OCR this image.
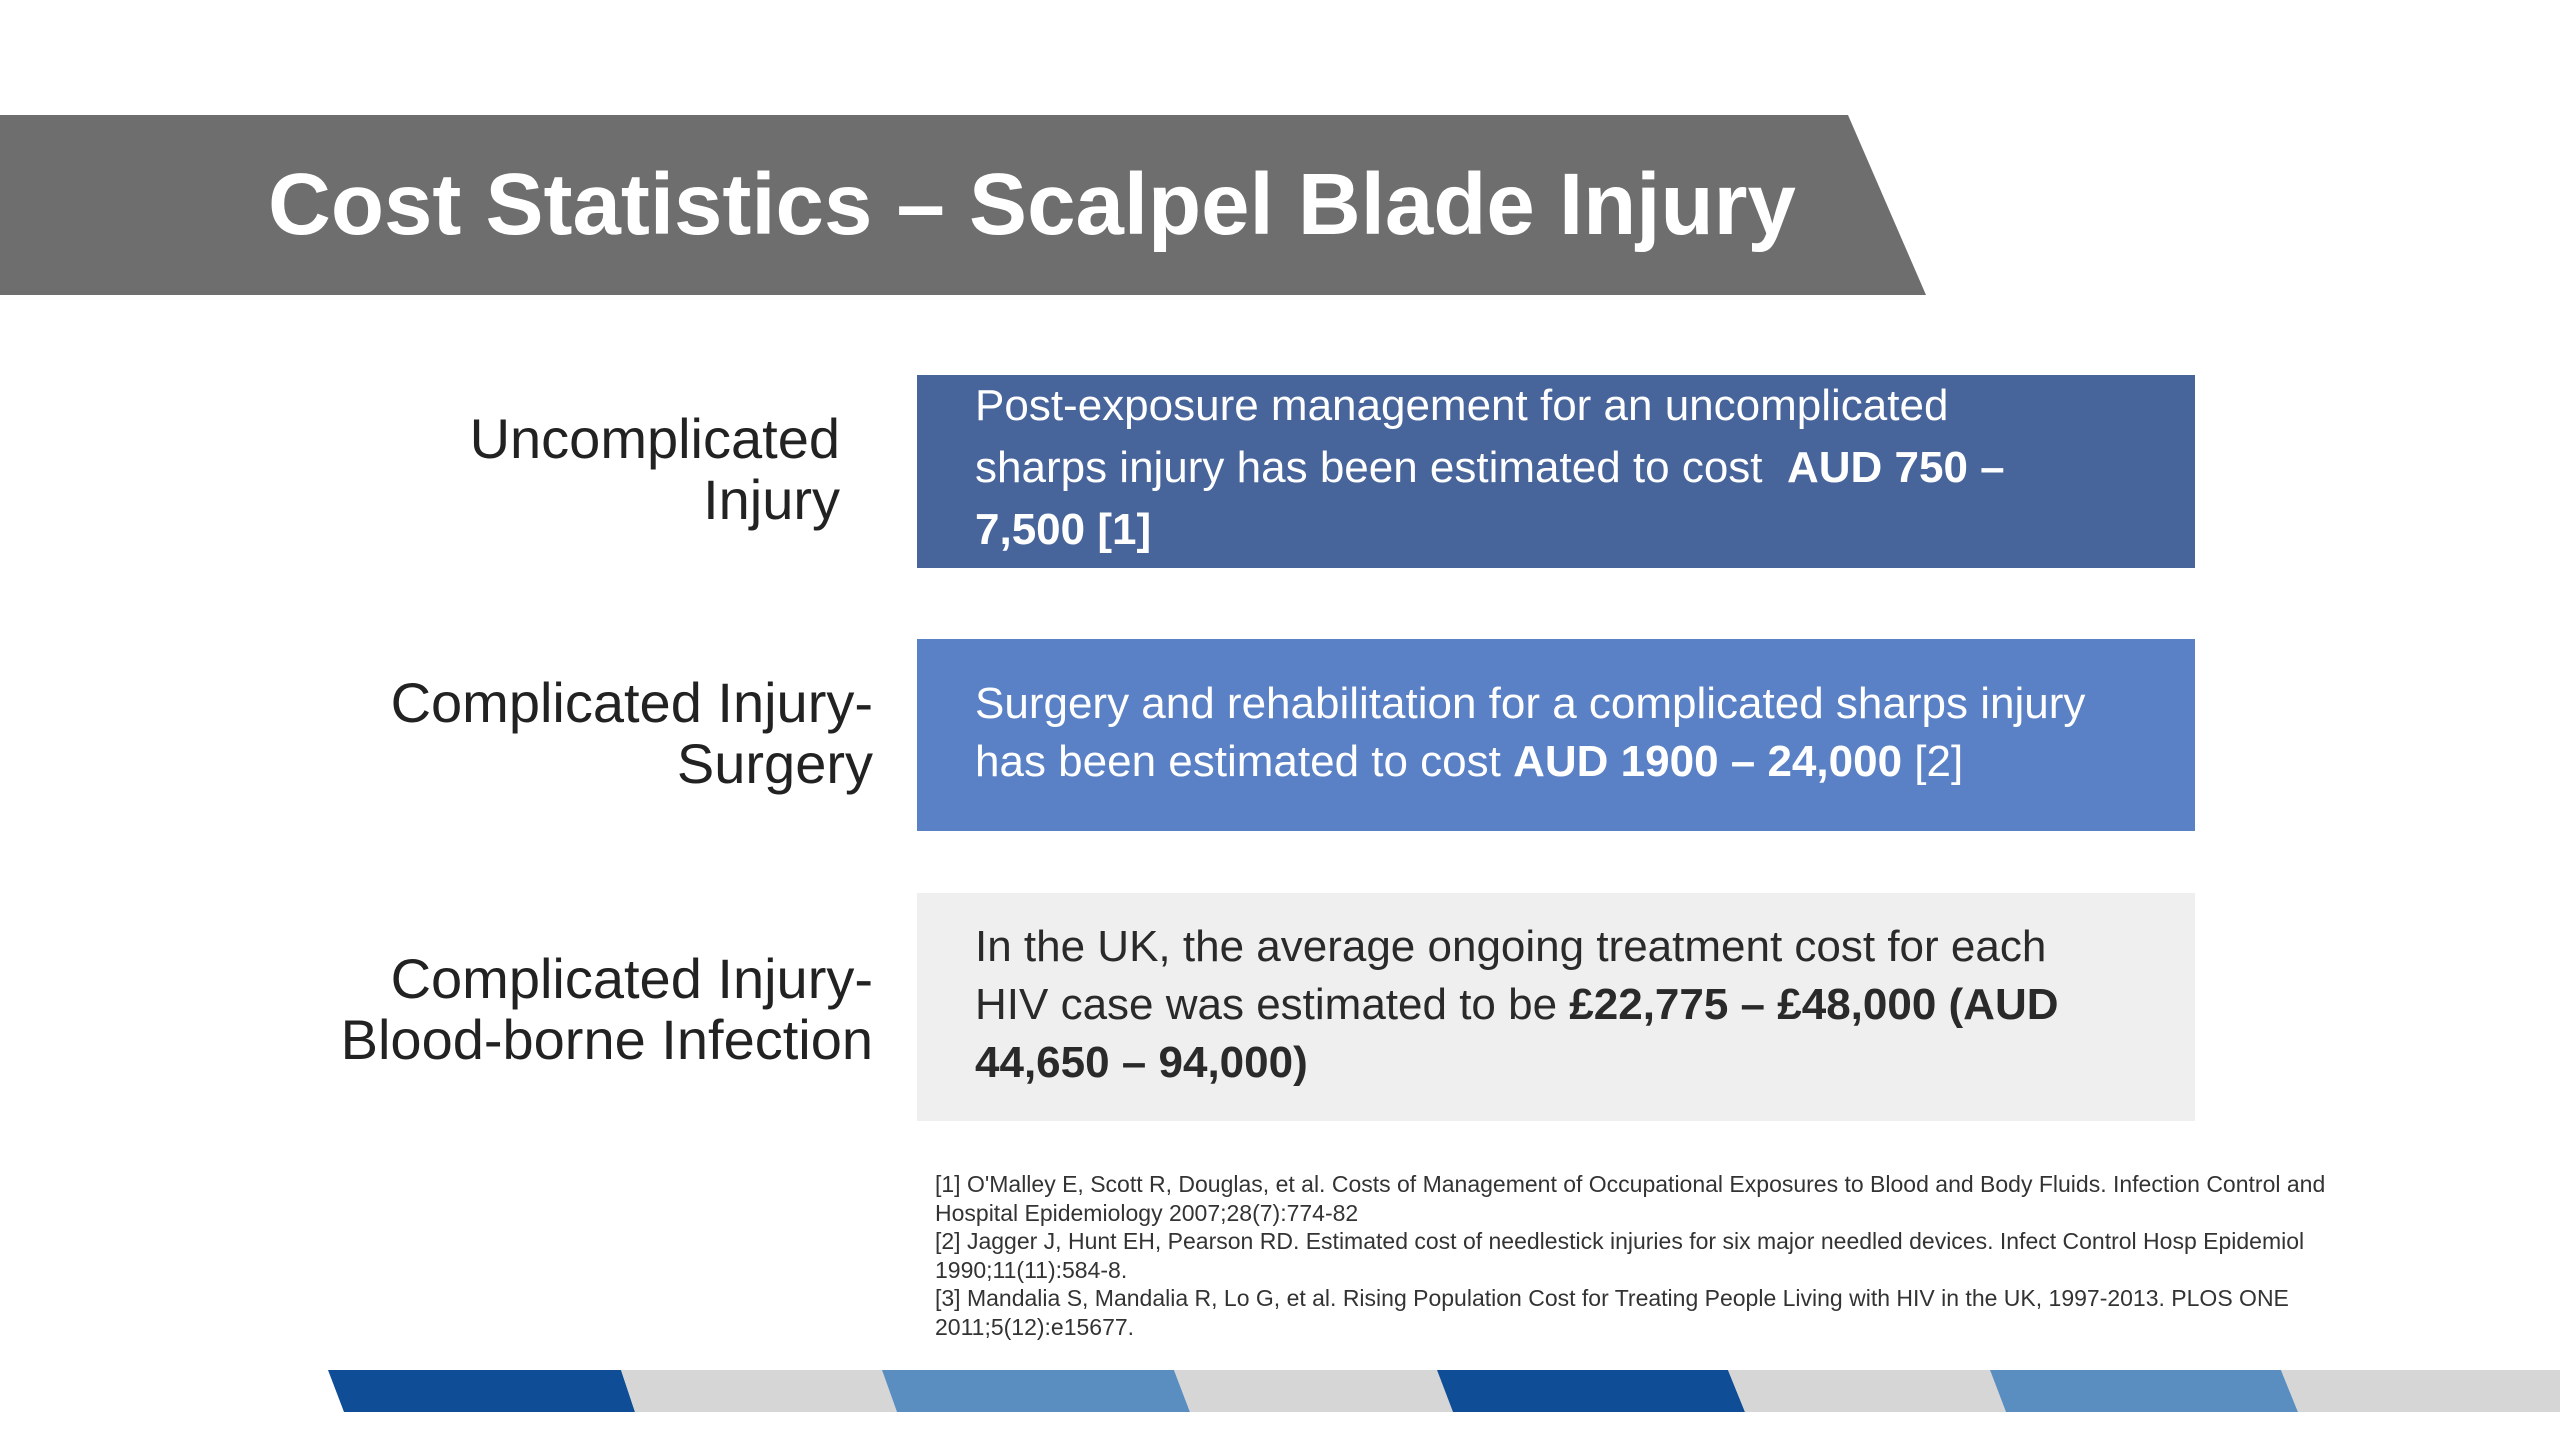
Cost Statistics – Scalpel Blade Injury
Uncomplicated
Injury
Complicated Injury-
Surgery
Complicated Injury-
Blood-borne Infection
Post-exposure management for an uncomplicated
sharps injury has been estimated to cost  AUD 750 –
7,500 [1]
Surgery and rehabilitation for a complicated sharps injury
has been estimated to cost AUD 1900 – 24,000 [2]
In the UK, the average ongoing treatment cost for each
HIV case was estimated to be £22,775 – £48,000 (AUD
44,650 – 94,000)
[1] O'Malley E, Scott R, Douglas, et al. Costs of Management of Occupational Exposures to Blood and Body Fluids. Infection Control and
Hospital Epidemiology 2007;28(7):774-82
[2] Jagger J, Hunt EH, Pearson RD. Estimated cost of needlestick injuries for six major needled devices. Infect Control Hosp Epidemiol
1990;11(11):584-8.
[3] Mandalia S, Mandalia R, Lo G, et al. Rising Population Cost for Treating People Living with HIV in the UK, 1997-2013. PLOS ONE
2011;5(12):e15677.
